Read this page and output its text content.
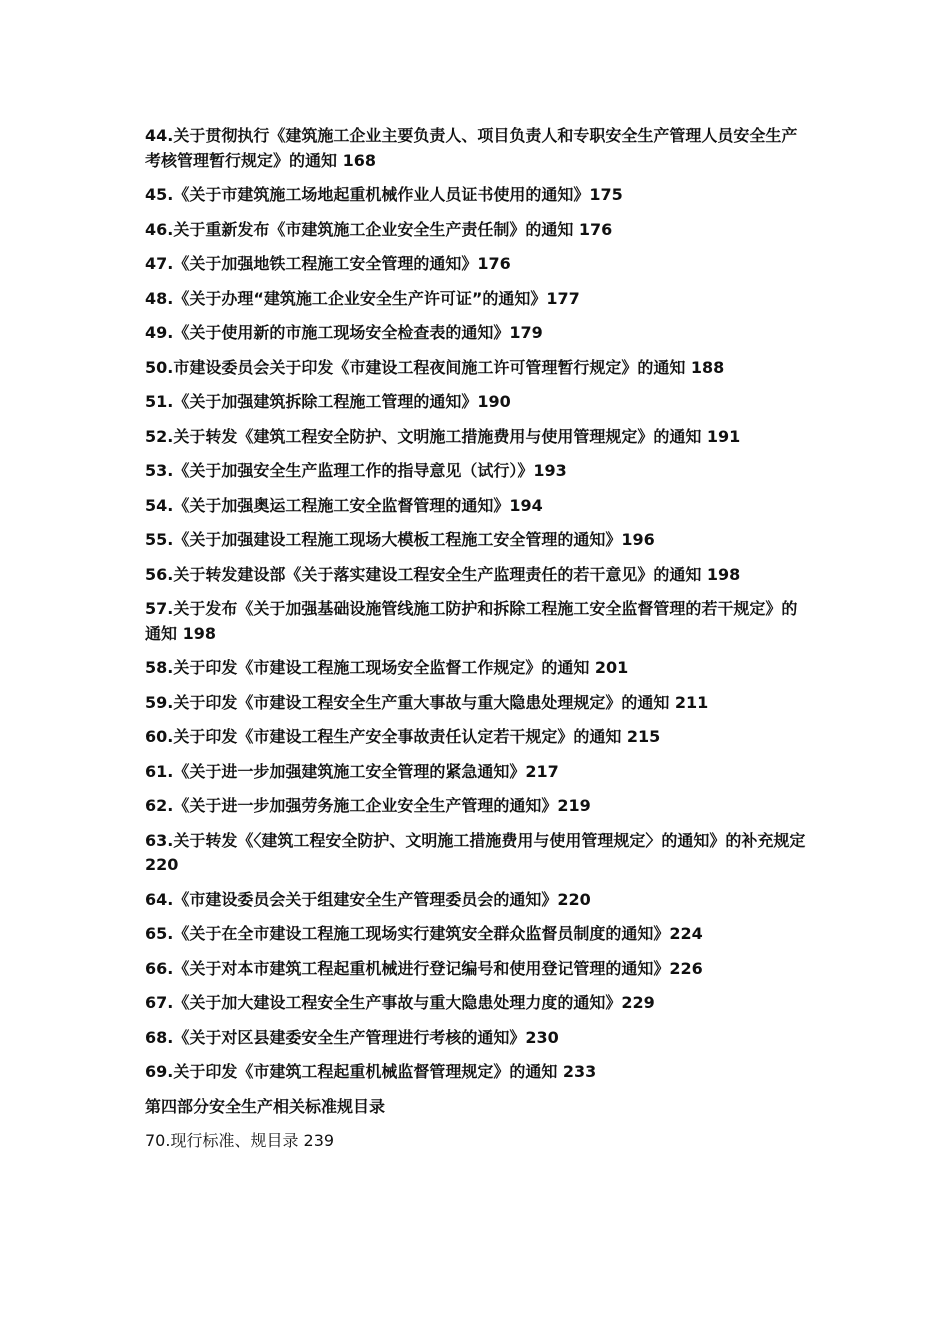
44.关于贯彻执行《建筑施工企业主要负责人、项目负责人和专职安全生产管理人员安全生产考核管理暂行规定》的通知 168
45.《关于市建筑施工场地起重机械作业人员证书使用的通知》175
46.关于重新发布《市建筑施工企业安全生产责任制》的通知 176
47.《关于加强地铁工程施工安全管理的通知》176
48.《关于办理“建筑施工企业安全生产许可证”的通知》177
49.《关于使用新的市施工现场安全检查表的通知》179
50.市建设委员会关于印发《市建设工程夜间施工许可管理暂行规定》的通知 188
51.《关于加强建筑拆除工程施工管理的通知》190
52.关于转发《建筑工程安全防护、文明施工措施费用与使用管理规定》的通知 191
53.《关于加强安全生产监理工作的指导意见（试行）》193
54.《关于加强奥运工程施工安全监督管理的通知》194
55.《关于加强建设工程施工现场大模板工程施工安全管理的通知》196
56.关于转发建设部《关于落实建设工程安全生产监理责任的若干意见》的通知 198
57.关于发布《关于加强基础设施管线施工防护和拆除工程施工安全监督管理的若干规定》的通知 198
58.关于印发《市建设工程施工现场安全监督工作规定》的通知 201
59.关于印发《市建设工程安全生产重大事故与重大隐患处理规定》的通知 211
60.关于印发《市建设工程生产安全事故责任认定若干规定》的通知 215
61.《关于进一步加强建筑施工安全管理的紧急通知》217
62.《关于进一步加强劳务施工企业安全生产管理的通知》219
63.关于转发《〈建筑工程安全防护、文明施工措施费用与使用管理规定〉的通知》的补充规定 220
64.《市建设委员会关于组建安全生产管理委员会的通知》220
65.《关于在全市建设工程施工现场实行建筑安全群众监督员制度的通知》224
66.《关于对本市建筑工程起重机械进行登记编号和使用登记管理的通知》226
67.《关于加大建设工程安全生产事故与重大隐患处理力度的通知》229
68.《关于对区县建委安全生产管理进行考核的通知》230
69.关于印发《市建筑工程起重机械监督管理规定》的通知 233
第四部分安全生产相关标准规目录
70.现行标准、规目录 239
